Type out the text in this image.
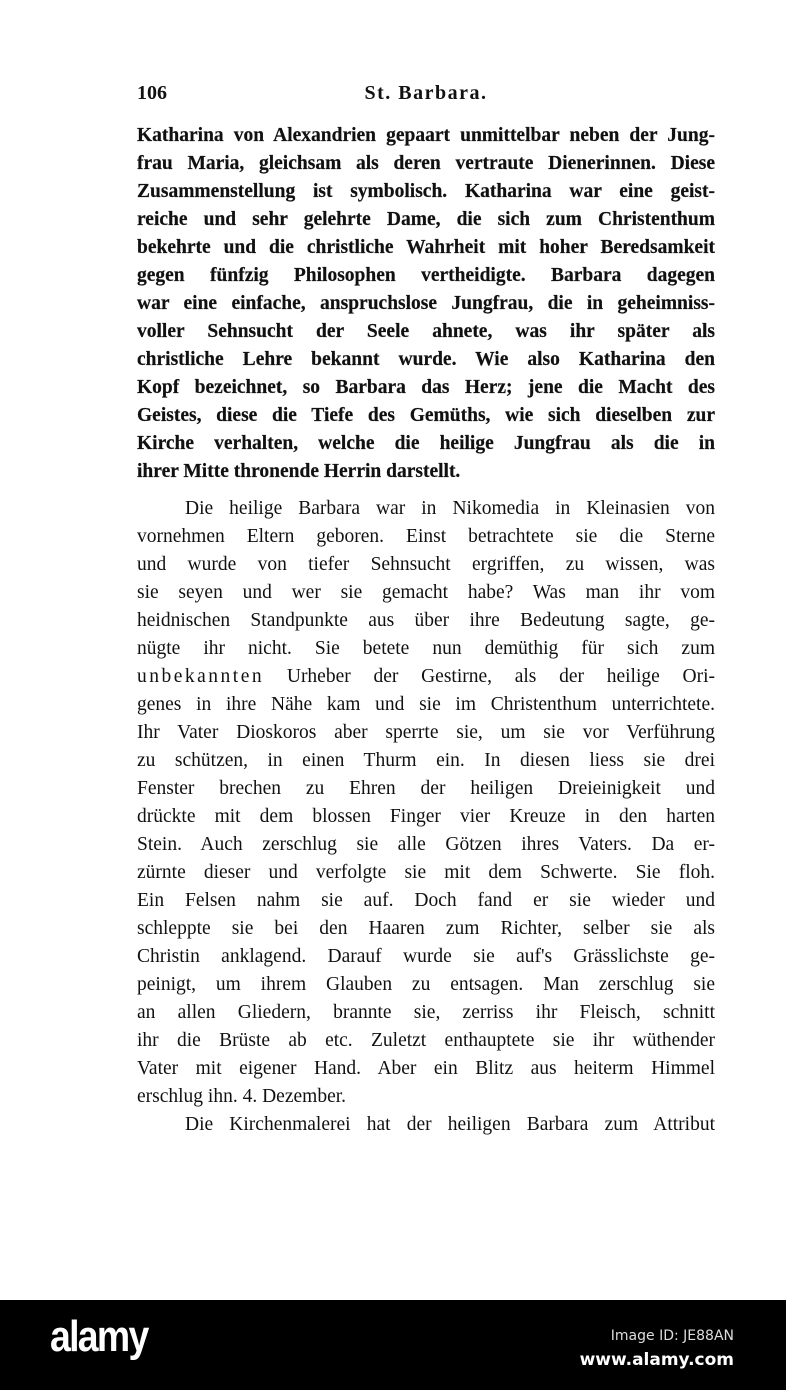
106	St. Barbara.
Katharina von Alexandrien gepaart unmittelbar neben der Jung-
frau Maria, gleichsam als deren vertraute Dienerinnen. Diese
Zusammenstellung ist symbolisch. Katharina war eine geist-
reiche und sehr gelehrte Dame, die sich zum Christenthum
bekehrte und die christliche Wahrheit mit hoher Beredsamkeit
gegen fünfzig Philosophen vertheidigte. Barbara dagegen
war eine einfache, anspruchslose Jungfrau, die in geheimniss-
voller Sehnsucht der Seele ahnete, was ihr später als
christliche Lehre bekannt wurde. Wie also Katharina den
Kopf bezeichnet, so Barbara das Herz; jene die Macht des
Geistes, diese die Tiefe des Gemüths, wie sich dieselben zur
Kirche verhalten, welche die heilige Jungfrau als die in
ihrer Mitte thronende Herrin darstellt.
Die heilige Barbara war in Nikomedia in Kleinasien von
vornehmen Eltern geboren. Einst betrachtete sie die Sterne
und wurde von tiefer Sehnsucht ergriffen, zu wissen, was
sie seyen und wer sie gemacht habe? Was man ihr vom
heidnischen Standpunkte aus über ihre Bedeutung sagte, ge-
nügte ihr nicht. Sie betete nun demüthig für sich zum
unbekannten Urheber der Gestirne, als der heilige Ori-
genes in ihre Nähe kam und sie im Christenthum unterrichtete.
Ihr Vater Dioskoros aber sperrte sie, um sie vor Verführung
zu schützen, in einen Thurm ein. In diesen liess sie drei
Fenster brechen zu Ehren der heiligen Dreieinigkeit und
drückte mit dem blossen Finger vier Kreuze in den harten
Stein. Auch zerschlug sie alle Götzen ihres Vaters. Da er-
zürnte dieser und verfolgte sie mit dem Schwerte. Sie floh.
Ein Felsen nahm sie auf. Doch fand er sie wieder und
schleppte sie bei den Haaren zum Richter, selber sie als
Christin anklagend. Darauf wurde sie auf's Grässlichste ge-
peinigt, um ihrem Glauben zu entsagen. Man zerschlug sie
an allen Gliedern, brannte sie, zerriss ihr Fleisch, schnitt
ihr die Brüste ab etc. Zuletzt enthauptete sie ihr wüthender
Vater mit eigener Hand. Aber ein Blitz aus heiterm Himmel
erschlug ihn. 4. Dezember.
Die Kirchenmalerei hat der heiligen Barbara zum Attribut
alamy	Image ID: JE88AN
www.alamy.com
